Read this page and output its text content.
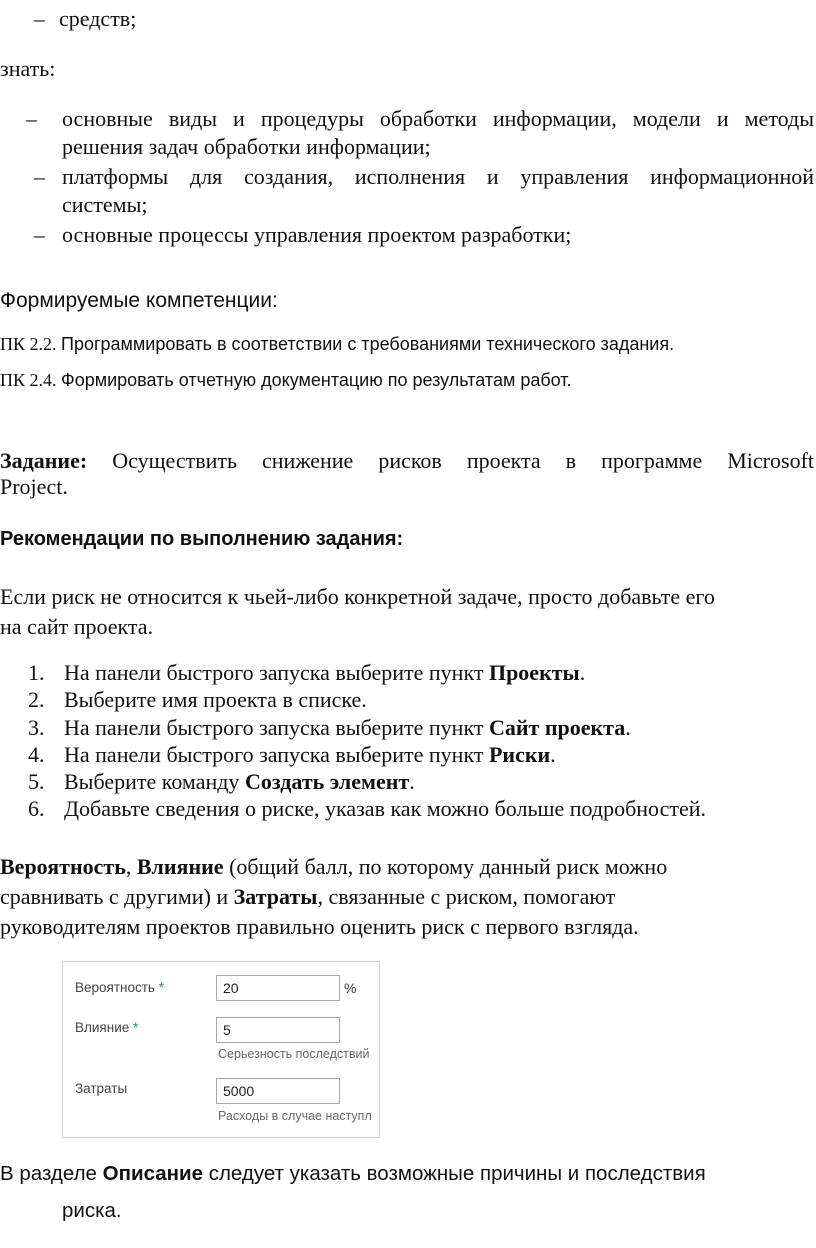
– средств;
знать:
– основные виды и процедуры обработки информации, модели и методы
решения задач обработки информации;
– платформы для создания, исполнения и управления информационной
системы;
– основные процессы управления проектом разработки;
Формируемые компетенции:
ПК 2.2. Программировать в соответствии с требованиями технического задания.
ПК 2.4. Формировать отчетную документацию по результатам работ.
Задание: Осуществить снижение рисков проекта в программе Microsoft
Project.
Рекомендации по выполнению задания:
Если риск не относится к чьей-либо конкретной задаче, просто добавьте его
на сайт проекта.
1. На панели быстрого запуска выберите пункт Проекты.
2. Выберите имя проекта в списке.
3. На панели быстрого запуска выберите пункт Сайт проекта.
4. На панели быстрого запуска выберите пункт Риски.
5. Выберите команду Создать элемент.
6. Добавьте сведения о риске, указав как можно больше подробностей.
Вероятность, Влияние (общий балл, по которому данный риск можно
сравнивать с другими) и Затраты, связанные с риском, помогают
руководителям проектов правильно оценить риск с первого взгляда.
Вероятность *	20	%
Влияние *	5
Серьезность последствий
Затраты	5000
Расходы в случае наступл
В разделе Описание следует указать возможные причины и последствия
риска.
